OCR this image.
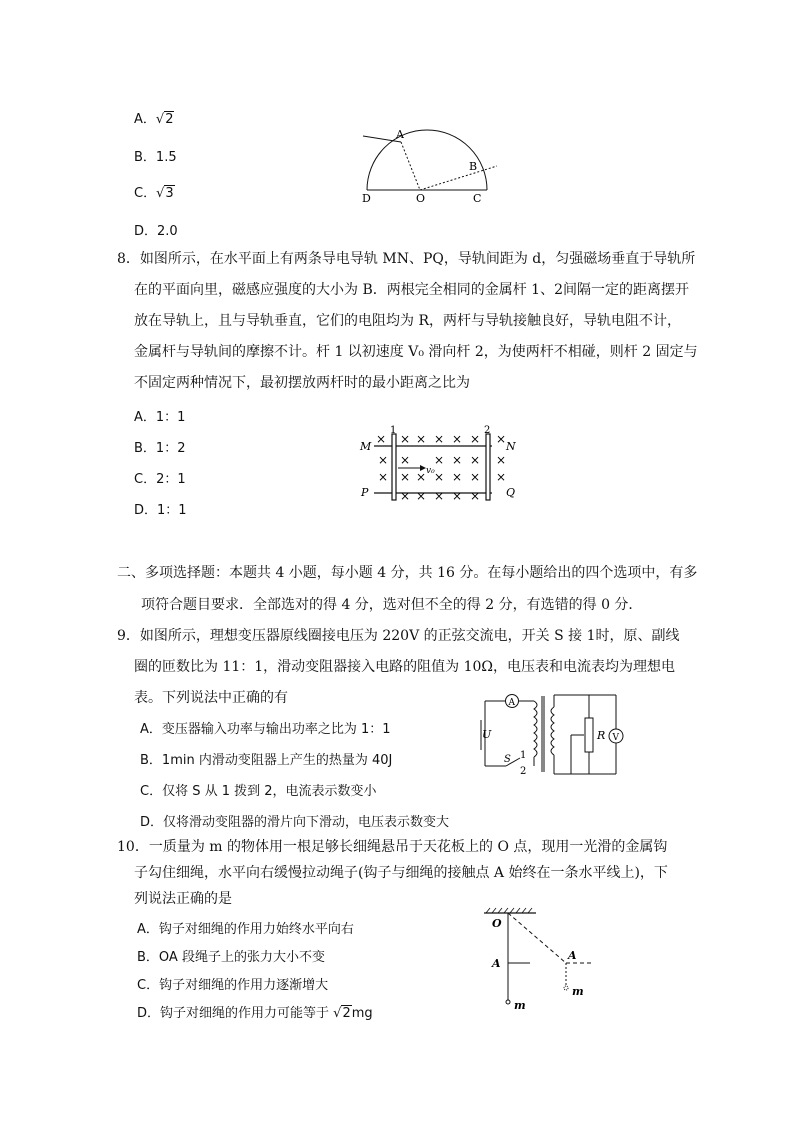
A．√2
B．1.5
C．√3
D．2.0
A
B
C
D	O
8．如图所示，在水平面上有两条导电导轨 MN、PQ，导轨间距为 d，匀强磁场垂直于导轨所
在的平面向里，磁感应强度的大小为 B．两根完全相同的金属杆 1、2间隔一定的距离摆开
放在导轨上，且与导轨垂直，它们的电阻均为 R，两杆与导轨接触良好，导轨电阻不计，
金属杆与导轨间的摩擦不计。杆 1 以初速度 V₀ 滑向杆 2，为使两杆不相碰，则杆 2 固定与
不固定两种情况下，最初摆放两杆时的最小距离之比为
A．1：1
B．1：2
C．2：1
D．1：1
× × × × × × ×
× × × × × ×
× × × × × × ×
× × × × ×
v₀
M	N
P	Q
1	2
二、多项选择题：本题共 4 小题，每小题 4 分，共 16 分。在每小题给出的四个选项中，有多
项符合题目要求．全部选对的得 4 分，选对但不全的得 2 分，有选错的得 0 分．
9．如图所示，理想变压器原线圈接电压为 220V 的正弦交流电，开关 S 接 1时，原、副线
圈的匝数比为 11：1，滑动变阻器接入电路的阻值为 10Ω，电压表和电流表均为理想电
表。下列说法中正确的有
A．变压器输入功率与输出功率之比为 1：1
B．1min 内滑动变阻器上产生的热量为 40J
C．仅将 S 从 1 拨到 2，电流表示数变小
D．仅将滑动变阻器的滑片向下滑动，电压表示数变大
A
U
S 1
2
R V
10．一质量为 m 的物体用一根足够长细绳悬吊于天花板上的 O 点，现用一光滑的金属钩
子勾住细绳，水平向右缓慢拉动绳子(钩子与细绳的接触点 A 始终在一条水平线上)，下
列说法正确的是
A．钩子对细绳的作用力始终水平向右
B．OA 段绳子上的张力大小不变
C．钩子对细绳的作用力逐渐增大
D．钩子对细绳的作用力可能等于 √2mg
O
A
A
m
m
